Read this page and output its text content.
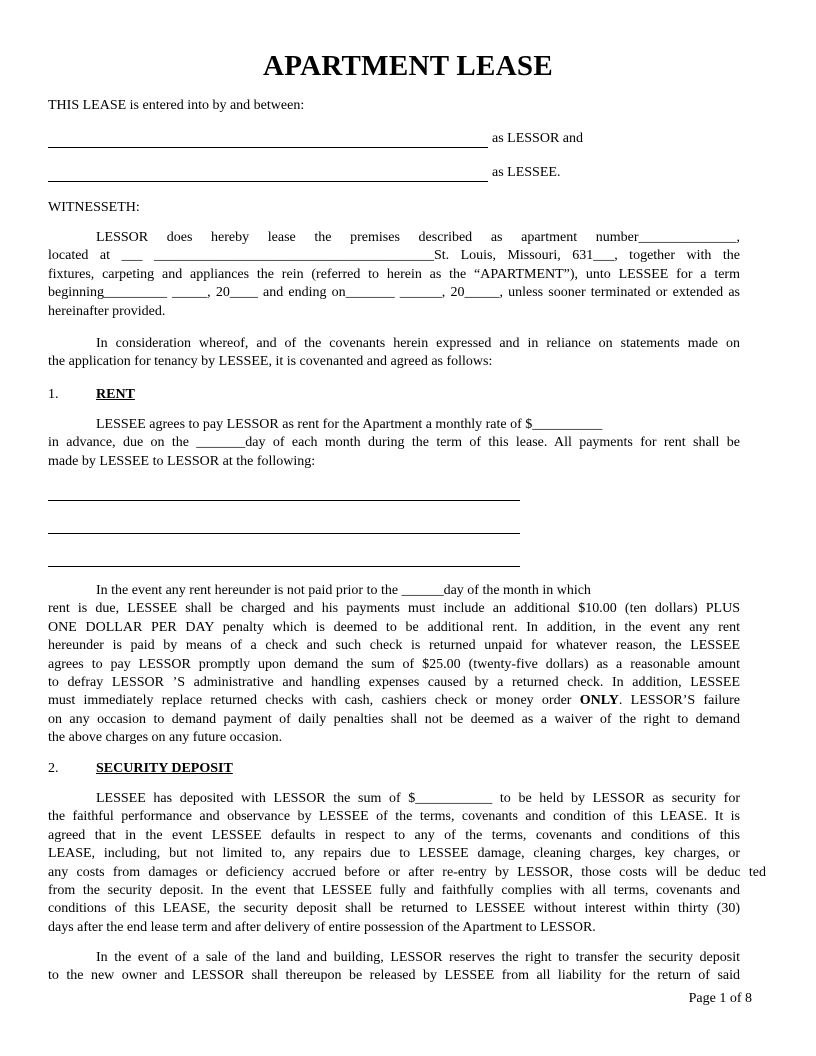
APARTMENT LEASE
THIS LEASE is entered into by and between:
as LESSOR and
as LESSEE.
WITNESSETH:
LESSOR does hereby lease the premises described as apartment number______________,
located at ___ ________________________________________St. Louis, Missouri, 631___, together with the
fixtures, carpeting and appliances the rein (referred to herein as the “APARTMENT”), unto LESSEE for a term
beginning_________ _____, 20____ and ending on_______ ______, 20_____, unless sooner terminated or extended as
hereinafter provided.
In consideration whereof, and of the covenants herein expressed and in reliance on statements made on
the application for tenancy by LESSEE, it is covenanted and agreed as follows:
1.	RENT
LESSEE agrees to pay LESSOR as rent for the Apartment a monthly rate of $__________
in advance, due on the _______day of each month during the term of this lease. All payments for rent shall be
made by LESSEE to LESSOR at the following:
In the event any rent hereunder is not paid prior to the ______day of the month in which
rent is due, LESSEE shall be charged and his payments must include an additional $10.00 (ten dollars) PLUS
ONE DOLLAR PER DAY penalty which is deemed to be additional rent. In addition, in the event any rent
hereunder is paid by means of a check and such check is returned unpaid for whatever reason, the LESSEE
agrees to pay LESSOR promptly upon demand the sum of $25.00 (twenty-five dollars) as a reasonable amount
to defray LESSOR ’S administrative and handling expenses caused by a returned check. In addition, LESSEE
must immediately replace returned checks with cash, cashiers check or money order ONLY. LESSOR’S failure
on any occasion to demand payment of daily penalties shall not be deemed as a waiver of the right to demand
the above charges on any future occasion.
2.	SECURITY DEPOSIT
LESSEE has deposited with LESSOR the sum of $___________ to be held by LESSOR as security for
the faithful performance and observance by LESSEE of the terms, covenants and condition of this LEASE. It is
agreed that in the event LESSEE defaults in respect to any of the terms, covenants and conditions of this
LEASE, including, but not limited to, any repairs due to LESSEE damage, cleaning charges, key charges, or
any costs from damages or deficiency accrued before or after re-entry by LESSOR, those costs will be deduc ted
from the security deposit. In the event that LESSEE fully and faithfully complies with all terms, covenants and
conditions of this LEASE, the security deposit shall be returned to LESSEE without interest within thirty (30)
days after the end lease term and after delivery of entire possession of the Apartment to LESSOR.
In the event of a sale of the land and building, LESSOR reserves the right to transfer the security deposit
to the new owner and LESSOR shall thereupon be released by LESSEE from all liability for the return of said
Page 1 of 8
